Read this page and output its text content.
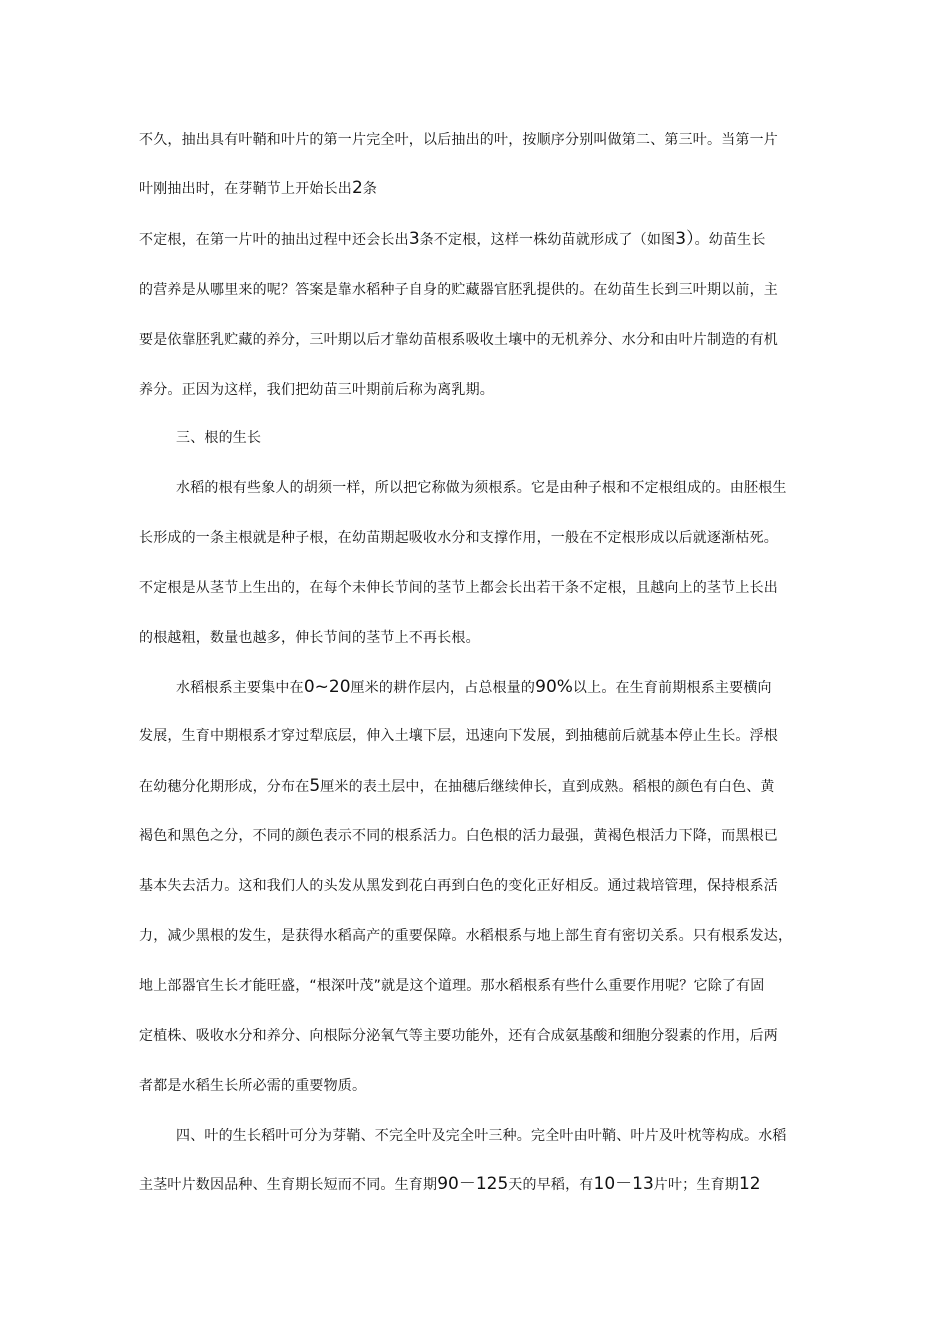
不久，抽出具有叶鞘和叶片的第一片完全叶，以后抽出的叶，按顺序分别叫做第二、第三叶。当第一片
叶刚抽出时，在芽鞘节上开始长出2条
不定根，在第一片叶的抽出过程中还会长出3条不定根，这样一株幼苗就形成了（如图3）。幼苗生长
的营养是从哪里来的呢？答案是靠水稻种子自身的贮藏器官胚乳提供的。在幼苗生长到三叶期以前，主
要是依靠胚乳贮藏的养分，三叶期以后才靠幼苗根系吸收土壤中的无机养分、水分和由叶片制造的有机
养分。正因为这样，我们把幼苗三叶期前后称为离乳期。
三、根的生长
水稻的根有些象人的胡须一样，所以把它称做为须根系。它是由种子根和不定根组成的。由胚根生
长形成的一条主根就是种子根，在幼苗期起吸收水分和支撑作用，一般在不定根形成以后就逐渐枯死。
不定根是从茎节上生出的，在每个未伸长节间的茎节上都会长出若干条不定根，且越向上的茎节上长出
的根越粗，数量也越多，伸长节间的茎节上不再长根。
水稻根系主要集中在0~20厘米的耕作层内，占总根量的90%以上。在生育前期根系主要横向
发展，生育中期根系才穿过犁底层，伸入土壤下层，迅速向下发展，到抽穗前后就基本停止生长。浮根
在幼穗分化期形成，分布在5厘米的表土层中，在抽穗后继续伸长，直到成熟。稻根的颜色有白色、黄
褐色和黑色之分，不同的颜色表示不同的根系活力。白色根的活力最强，黄褐色根活力下降，而黑根已
基本失去活力。这和我们人的头发从黑发到花白再到白色的变化正好相反。通过栽培管理，保持根系活
力，减少黑根的发生，是获得水稻高产的重要保障。水稻根系与地上部生育有密切关系。只有根系发达，
地上部器官生长才能旺盛，“根深叶茂”就是这个道理。那水稻根系有些什么重要作用呢？它除了有固
定植株、吸收水分和养分、向根际分泌氧气等主要功能外，还有合成氨基酸和细胞分裂素的作用，后两
者都是水稻生长所必需的重要物质。
四、叶的生长稻叶可分为芽鞘、不完全叶及完全叶三种。完全叶由叶鞘、叶片及叶枕等构成。水稻
主茎叶片数因品种、生育期长短而不同。生育期90－125天的早稻，有10－13片叶；生育期12
